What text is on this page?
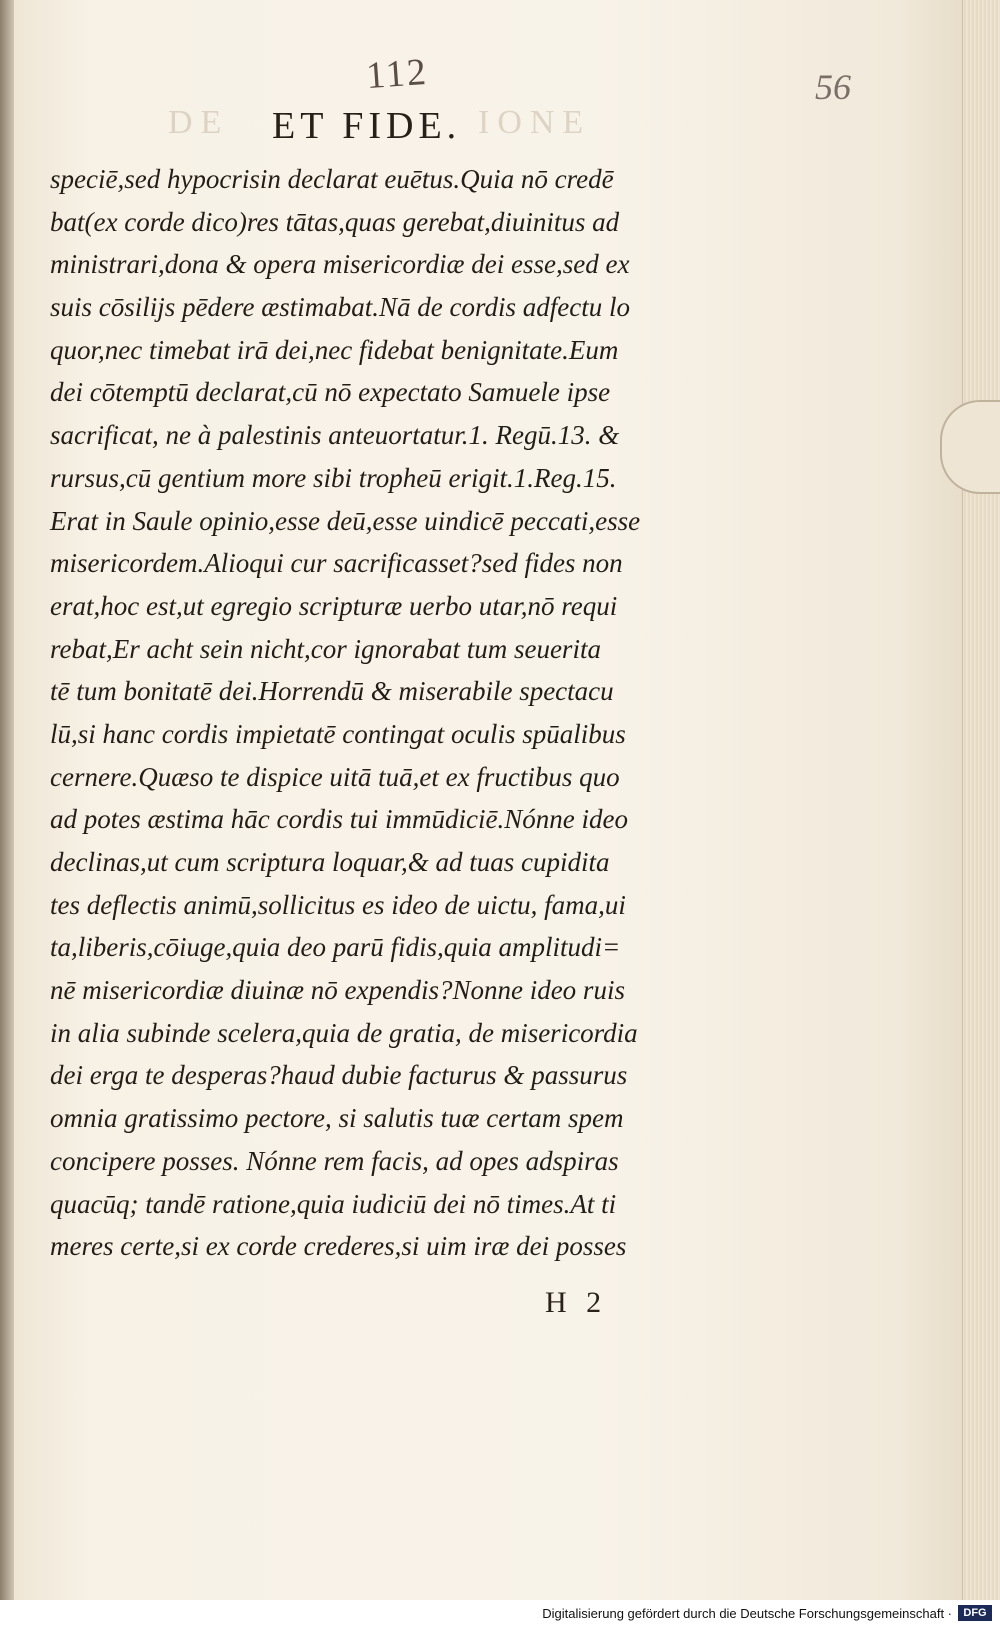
DE	IONE
112	56
ET FIDE.
speciē,sed hypocrisin declarat euētus.Quia nō credē
bat(ex corde dico)res tātas,quas gerebat,diuinitus ad
ministrari,dona & opera misericordiæ dei esse,sed ex
suis cōsilijs pēdere æstimabat.Nā de cordis adfectu lo
quor,nec timebat irā dei,nec fidebat benignitate.Eum
dei cōtemptū declarat,cū nō expectato Samuele ipse
sacrificat, ne à palestinis anteuortatur.1. Regū.13. &
rursus,cū gentium more sibi tropheū erigit.1.Reg.15.
Erat in Saule opinio,esse deū,esse uindicē peccati,esse
misericordem.Alioqui cur sacrificasset?sed fides non
erat,hoc est,ut egregio scripturæ uerbo utar,nō requi
rebat,Er acht sein nicht,cor ignorabat tum seuerita
tē tum bonitatē dei.Horrendū & miserabile spectacu
lū,si hanc cordis impietatē contingat oculis spūalibus
cernere.Quæso te dispice uitā tuā,et ex fructibus quo
ad potes æstima hāc cordis tui immūdiciē.Nónne ideo
declinas,ut cum scriptura loquar,& ad tuas cupidita
tes deflectis animū,sollicitus es ideo de uictu, fama,ui
ta,liberis,cōiuge,quia deo parū fidis,quia amplitudi=
nē misericordiæ diuinæ nō expendis?Nonne ideo ruis
in alia subinde scelera,quia de gratia, de misericordia
dei erga te desperas?haud dubie facturus & passurus
omnia gratissimo pectore, si salutis tuæ certam spem
concipere posses. Nónne rem facis, ad opes adspiras
quacūq; tandē ratione,quia iudiciū dei nō times.At ti
meres certe,si ex corde crederes,si uim iræ dei posses
H 2
Digitalisierung gefördert durch die Deutsche Forschungsgemeinschaft ·	DFG
